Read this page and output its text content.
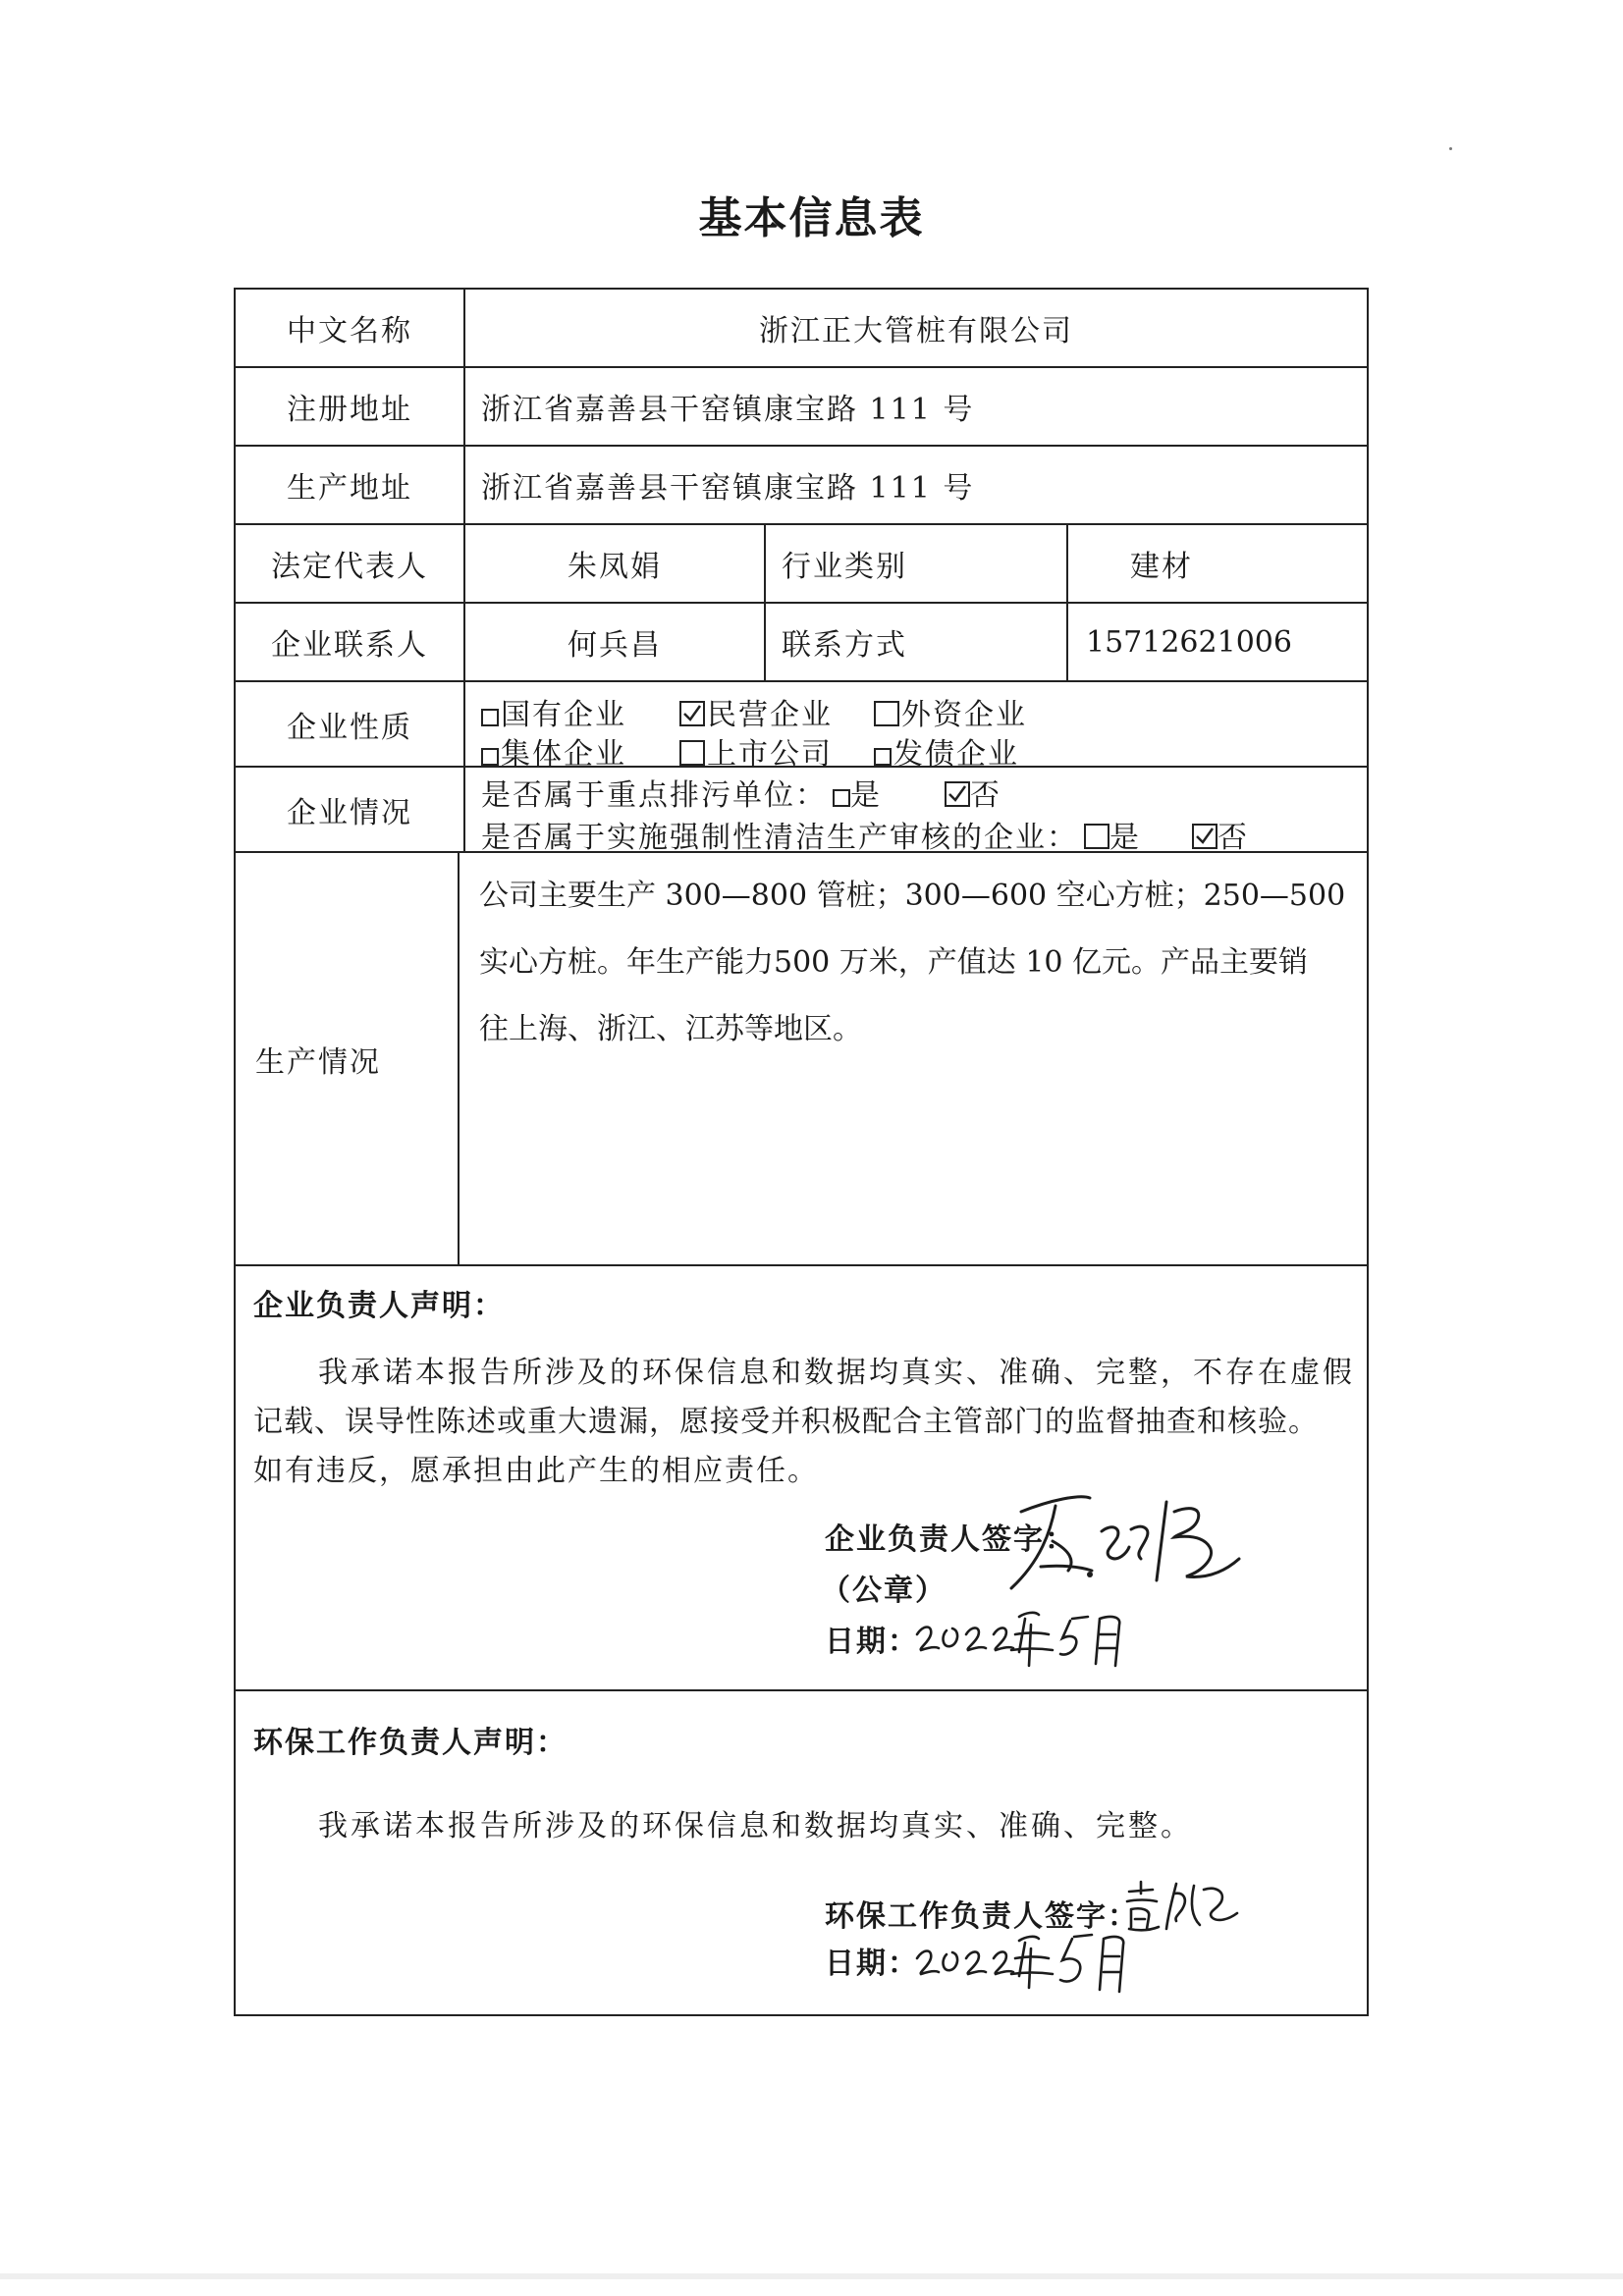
基本信息表
中文名称	浙江正大管桩有限公司
注册地址	浙江省嘉善县干窑镇康宝路 111 号
生产地址	浙江省嘉善县干窑镇康宝路 111 号
法定代表人	朱凤娟	行业类别	建材
企业联系人	何兵昌	联系方式	15712621006
企业性质	国有企业	民营企业	外资企业
集体企业	上市公司	发债企业
企业情况	是否属于重点排污单位： 是	否
是否属于实施强制性清洁生产审核的企业： 是	否
生产情况
公司主要生产 300—800 管桩；300—600 空心方桩；250—500
实心方桩。年生产能力500 万米，产值达 10 亿元。产品主要销
往上海、浙江、江苏等地区。
企业负责人声明：
我承诺本报告所涉及的环保信息和数据均真实、准确、完整，不存在虚假
记载、误导性陈述或重大遗漏，愿接受并积极配合主管部门的监督抽查和核验。
如有违反，愿承担由此产生的相应责任。
企业负责人签字：
（公章）
日期：
环保工作负责人声明：
我承诺本报告所涉及的环保信息和数据均真实、准确、完整。
环保工作负责人签字：
日期：
